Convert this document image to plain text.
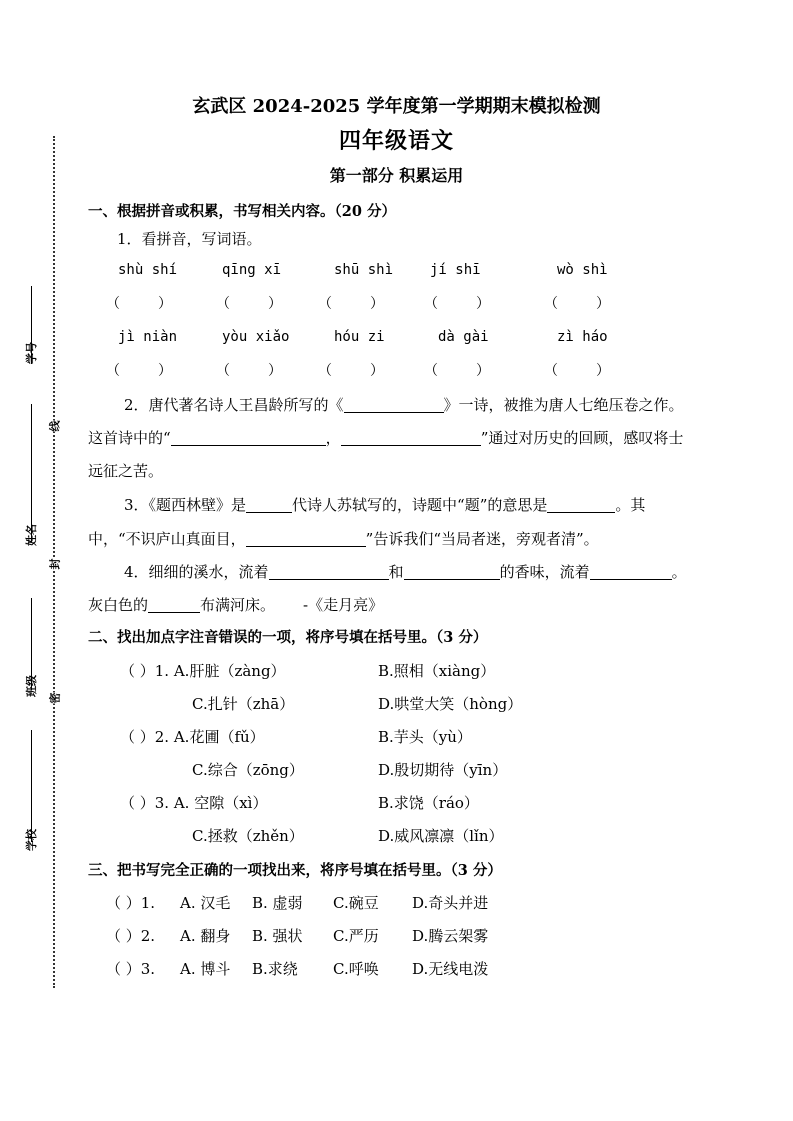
学号
姓名
班级
学校
线
封
密
玄武区 2024-2025 学年度第一学期期末模拟检测
四年级语文
第一部分 积累运用
一、根据拼音或积累，书写相关内容。（20 分）
1．看拼音，写词语。
shù shí	qīng xī	shū shì	jí shī	wò shì
（	）	（	）	（	）	（	）	（	）
jì niàn	yòu xiǎo	hóu zi	dà gài	zì háo
（	）	（	）	（	）	（	）	（	）
2．唐代著名诗人王昌龄所写的《	》一诗，被推为唐人七绝压卷之作。
这首诗中的“	，	”通过对历史的回顾，感叹将士
远征之苦。
3．《题西林壁》是	代诗人苏轼写的，诗题中“题”的意思是	。其
中，“不识庐山真面目，	”告诉我们“当局者迷，旁观者清”。
4．细细的溪水，流着	和	的香味，流着	。
灰白色的	布满河床。 -《走月亮》
二、找出加点字注音错误的一项，将序号填在括号里。（3 分）
（ ）1. A.肝脏（zàng）	B.照相（xiàng）
C.扎针（zhā）	D.哄堂大笑（hòng）
（ ）2. A.花圃（fǔ）	B.芋头（yù）
C.综合（zōng）	D.殷切期待（yīn）
（ ）3. A. 空隙（xì）	B.求饶（ráo）
C.拯救（zhěn）	D.威风凛凛（lǐn）
三、把书写完全正确的一项找出来，将序号填在括号里。（3 分）
（ ）1. A. 汉毛 B. 虚弱 C.碗豆 D.奇头并进
（ ）2. A. 翻身 B. 强状 C.严历 D.腾云架雾
（ ）3. A. 博斗 B.求绕 C.呼唤 D.无线电泼
